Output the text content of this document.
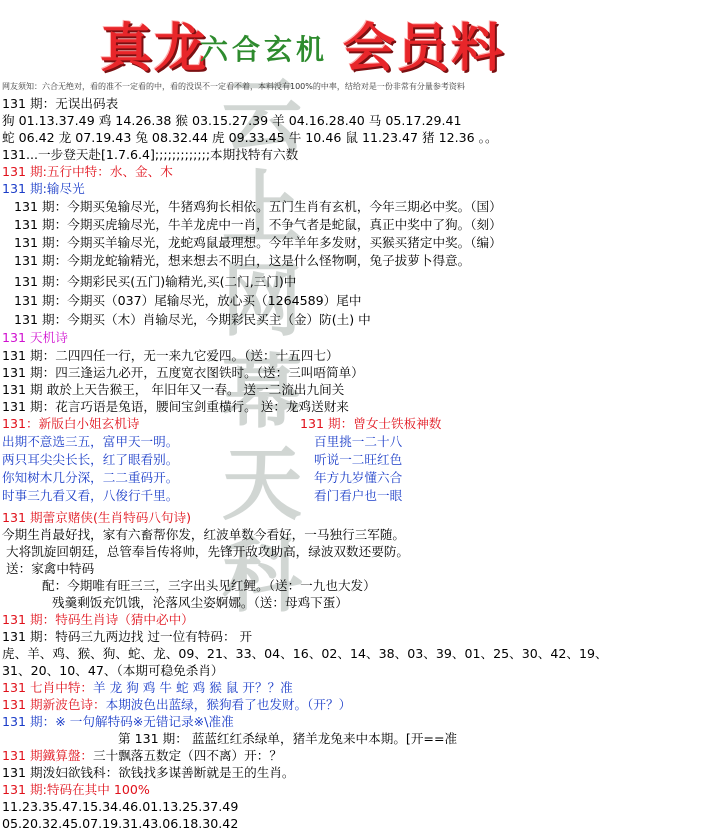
云
上
网
幕
天
科
真龙
六合玄机 会员料
网友须知：六合无绝对，看的准不一定看的中，看的没误不一定看不着，本料没有100%的中率，结给对是一份非常有分量参考资料
131 期：无误出码表
狗 01.13.37.49 鸡 14.26.38 猴 03.15.27.39 羊 04.16.28.40 马 05.17.29.41
蛇 06.42 龙 07.19.43 兔 08.32.44 虎 09.33.45 牛 10.46 鼠 11.23.47 猪 12.36 。。
131...一步登天赴[1.7.6.4];;;;;;;;;;;;;本期找特有六数
131 期:五行中特：水、金、木
131 期:输尽光
131 期：今期买兔输尽光，牛猪鸡狗长相依。五门生肖有玄机，今年三期必中奖。（国）
131 期：今期买虎输尽光，牛羊龙虎中一肖，不争气者是蛇鼠，真正中奖中了狗。（刻）
131 期：今期买羊输尽光，龙蛇鸡鼠最理想。今年羊年多发财，买猴买猪定中奖。（编）
131 期：今期龙蛇输精光，想来想去不明白，这是什么怪物啊，兔子拔萝卜得意。
131 期：今期彩民买(五门)输精光,买(二门,三门)中
131 期：今期买（037）尾输尽光，放心买（1264589）尾中
131 期：今期买（木）肖输尽光，今期彩民买主（金）防(土) 中
131 天机诗
131 期：二四四任一行，无一来九它爱四。（送：十五四七）
131 期：四三逢运九必开，五度宽衣图铁时。（送：三叫唔简单）
131 期 敢於上天告猴王， 年旧年又一春。 送一二流出九间关
131 期：花言巧语是兔语，腰间宝剑重横行。 送：龙鸡送财来
131：新版白小姐玄机诗	131 期：曾女士铁板神数
出期不意选三五，富甲天一明。
两只耳尖尖长长，红了眼看别。
你知树木几分深，二二重码开。
时事三九看又看，八俊行千里。
百里挑一二十八
听说一二旺红色
年方九岁懂六合
看门看户也一眼
131 期蕾京赌侠(生肖特码八句诗)
今期生肖最好找，家有六畜帮你发，红波单数今看好，一马独行三军随。
大将凯旋回朝廷，总管奉旨传将帅，先锋开敌攻助高，绿波双数还要防。
送：家禽中特码
配：今期唯有旺三三，三字出头见红鲤。（送：一九也大发）
残羹剩饭充饥饿，沦落风尘姿婀娜。（送：母鸡下蛋）
131 期：特码生肖诗（猜中必中）
131 期：特码三九两边找 过一位有特码： 开
虎、羊、鸡、猴、狗、蛇、龙、09、21、33、04、16、02、14、38、03、39、01、25、30、42、19、
31、20、10、47、（本期可稳免杀肖）
131 七肖中特：羊 龙 狗 鸡 牛 蛇 鸡 猴 鼠 开？？准
131 期新波色诗：本期波色出蓝绿，猴狗看了也发财。（开？）
131 期：※ 一句解特码※无错记录※\准准
第 131 期： 蓝蓝红红杀绿单，猪羊龙兔来中本期。[开==准
131 期鐵算盤：三十飘落五数定（四不离）开：？
131 期泼妇欲钱科：欲钱找多谋善断就是王的生肖。
131 期:特码在其中 100%
11.23.35.47.15.34.46.01.13.25.37.49
05.20.32.45.07.19.31.43.06.18.30.42
